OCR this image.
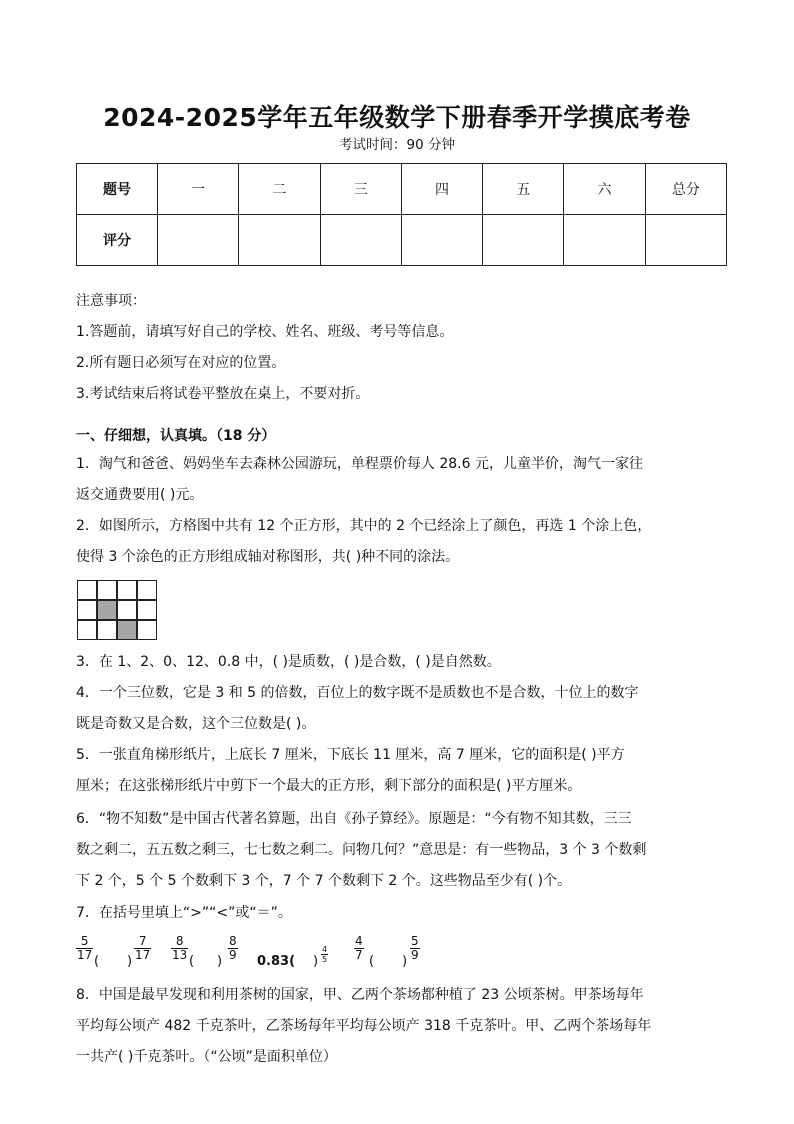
2024-2025学年五年级数学下册春季开学摸底考卷
考试时间：90 分钟
题号	一	二	三	四	五	六	总分
评分							
注意事项：
1.答题前，请填写好自己的学校、姓名、班级、考号等信息。
2.所有题日必须写在对应的位置。
3.考试结束后将试卷平整放在桌上，不要对折。
一、仔细想，认真填。（18 分）
1．淘气和爸爸、妈妈坐车去森林公园游玩，单程票价每人 28.6 元，儿童半价，淘气一家往
返交通费要用( )元。
2．如图所示，方格图中共有 12 个正方形，其中的 2 个已经涂上了颜色，再选 1 个涂上色，
使得 3 个涂色的正方形组成轴对称图形，共( )种不同的涂法。
3．在 1、2、0、12、0.8 中，( )是质数，( )是合数，( )是自然数。
4．一个三位数，它是 3 和 5 的倍数，百位上的数字既不是质数也不是合数，十位上的数字
既是奇数又是合数，这个三位数是( )。
5．一张直角梯形纸片，上底长 7 厘米，下底长 11 厘米，高 7 厘米，它的面积是( )平方
厘米；在这张梯形纸片中剪下一个最大的正方形，剩下部分的面积是( )平方厘米。
6．“物不知数”是中国古代著名算题，出自《孙子算经》。原题是：“今有物不知其数，三三
数之剩二，五五数之剩三，七七数之剩二。问物几何？”意思是：有一些物品，3 个 3 个数剩
下 2 个，5 个 5 个数剩下 3 个，7 个 7 个数剩下 2 个。这些物品至少有( )个。
7．在括号里填上“>”“<”或“＝”。
$\frac{5}{17}$ ( ) $\frac{7}{17} \frac{8}{13}$ ( ) $\frac{8}{9} 0.83$( ) $\frac{4}{5} \frac{4}{7}$ ( ) $\frac{5}{9}$
8．中国是最早发现和利用茶树的国家，甲、乙两个茶场都种植了 23 公顷茶树。甲茶场每年
平均每公顷产 482 千克茶叶，乙茶场每年平均每公顷产 318 千克茶叶。甲、乙两个茶场每年
一共产( )千克茶叶。（“公顷”是面积单位）
